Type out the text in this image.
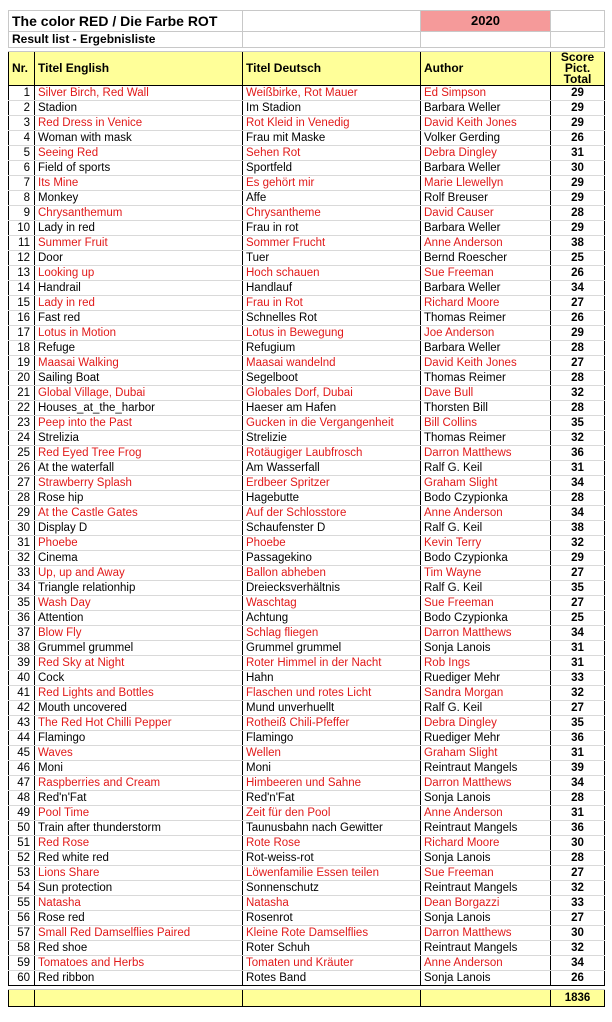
The color RED / Die Farbe ROT			2020	
Result list - Ergebnisliste				

Nr.	Titel English	Titel Deutsch	Author	Score Pict. Total
1	Silver Birch, Red Wall	Weißbirke, Rot Mauer	Ed Simpson	29
2	Stadion	Im Stadion	Barbara Weller	29
3	Red Dress in Venice	Rot Kleid in Venedig	David Keith Jones	29
4	Woman with mask	Frau mit Maske	Volker Gerding	26
5	Seeing Red	Sehen Rot	Debra Dingley	31
6	Field of sports	Sportfeld	Barbara Weller	30
7	Its Mine	Es gehört mir	Marie Llewellyn	29
8	Monkey	Affe	Rolf Breuser	29
9	Chrysanthemum	Chrysantheme	David Causer	28
10	Lady in red	Frau in rot	Barbara Weller	29
11	Summer Fruit	Sommer Frucht	Anne Anderson	38
12	Door	Tuer	Bernd Roescher	25
13	Looking up	Hoch schauen	Sue Freeman	26
14	Handrail	Handlauf	Barbara Weller	34
15	Lady in red	Frau in Rot	Richard Moore	27
16	Fast red	Schnelles Rot	Thomas Reimer	26
17	Lotus in Motion	Lotus in Bewegung	Joe Anderson	29
18	Refuge	Refugium	Barbara Weller	28
19	Maasai Walking	Maasai wandelnd	David Keith Jones	27
20	Sailing Boat	Segelboot	Thomas Reimer	28
21	Global Village, Dubai	Globales Dorf, Dubai	Dave Bull	32
22	Houses_at_the_harbor	Haeser am Hafen	Thorsten Bill	28
23	Peep into the Past	Gucken in die Vergangenheit	Bill Collins	35
24	Strelizia	Strelizie	Thomas Reimer	32
25	Red Eyed Tree Frog	Rotäugiger Laubfrosch	Darron Matthews	36
26	At the waterfall	Am Wasserfall	Ralf G. Keil	31
27	Strawberry Splash	Erdbeer Spritzer	Graham Slight	34
28	Rose hip	Hagebutte	Bodo Czypionka	28
29	At the Castle Gates	Auf der Schlosstore	Anne Anderson	34
30	Display D	Schaufenster D	Ralf G. Keil	38
31	Phoebe	Phoebe	Kevin Terry	32
32	Cinema	Passagekino	Bodo Czypionka	29
33	Up, up and Away	Ballon abheben	Tim Wayne	27
34	Triangle relationhip	Dreiecksverhältnis	Ralf G. Keil	35
35	Wash Day	Waschtag	Sue Freeman	27
36	Attention	Achtung	Bodo Czypionka	25
37	Blow Fly	Schlag fliegen	Darron Matthews	34
38	Grummel grummel	Grummel grummel	Sonja Lanois	31
39	Red Sky at Night	Roter Himmel in der Nacht	Rob Ings	31
40	Cock	Hahn	Ruediger Mehr	33
41	Red Lights and Bottles	Flaschen und rotes Licht	Sandra Morgan	32
42	Mouth uncovered	Mund unverhuellt	Ralf G. Keil	27
43	The Red Hot Chilli Pepper	Rotheiß Chili-Pfeffer	Debra Dingley	35
44	Flamingo	Flamingo	Ruediger Mehr	36
45	Waves	Wellen	Graham Slight	31
46	Moni	Moni	Reintraut Mangels	39
47	Raspberries and Cream	Himbeeren und Sahne	Darron Matthews	34
48	Red'n'Fat	Red'n'Fat	Sonja Lanois	28
49	Pool Time	Zeit für den Pool	Anne Anderson	31
50	Train after thunderstorm	Taunusbahn nach Gewitter	Reintraut Mangels	36
51	Red Rose	Rote Rose	Richard Moore	30
52	Red white red	Rot-weiss-rot	Sonja Lanois	28
53	Lions Share	Löwenfamilie Essen teilen	Sue Freeman	27
54	Sun protection	Sonnenschutz	Reintraut Mangels	32
55	Natasha	Natasha	Dean Borgazzi	33
56	Rose red	Rosenrot	Sonja Lanois	27
57	Small Red Damselflies Paired	Kleine Rote Damselflies	Darron Matthews	30
58	Red shoe	Roter Schuh	Reintraut Mangels	32
59	Tomatoes and Herbs	Tomaten und Kräuter	Anne Anderson	34
60	Red ribbon	Rotes Band	Sonja Lanois	26

				1836
